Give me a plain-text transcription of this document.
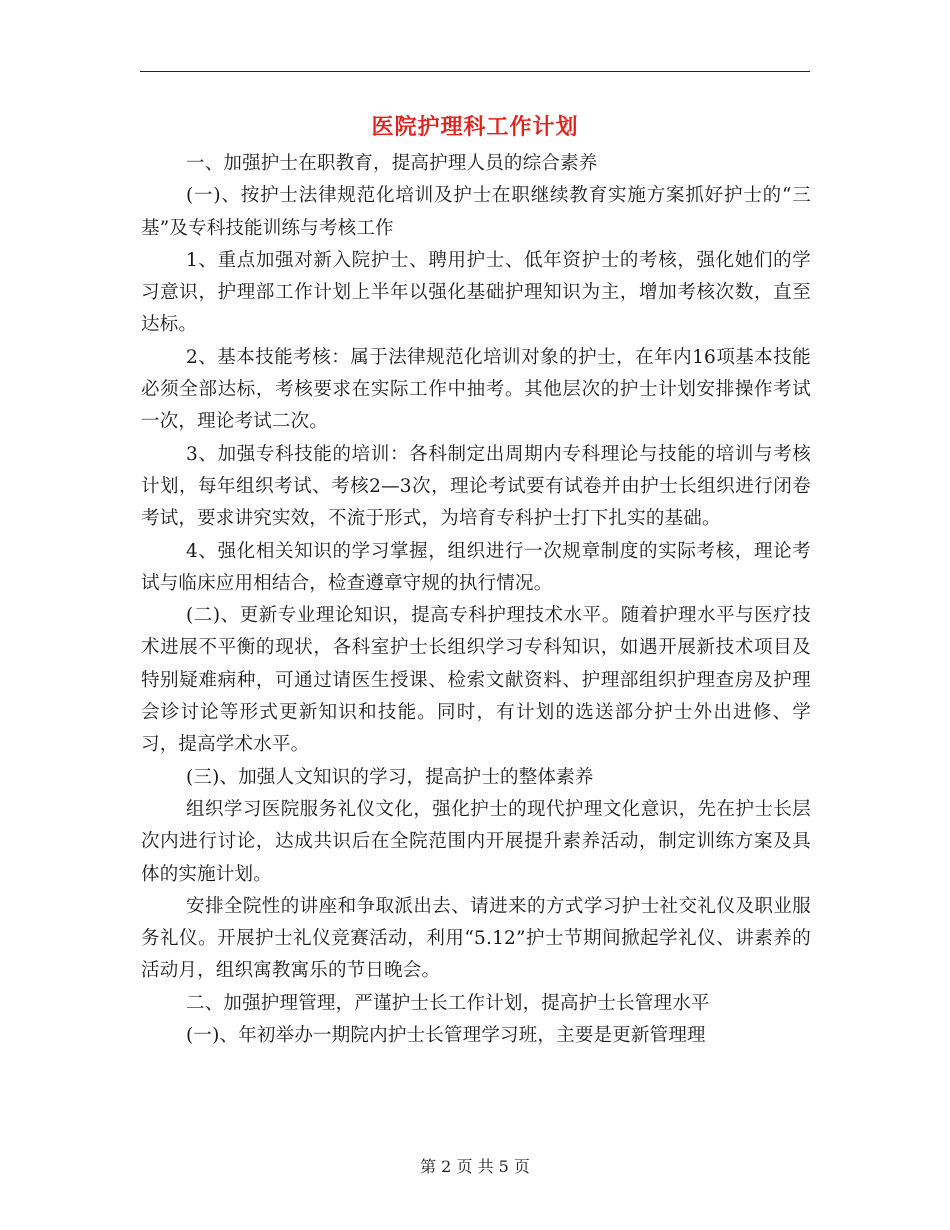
医院护理科工作计划

一、加强护士在职教育，提高护理人员的综合素养

(一)、按护士法律规范化培训及护士在职继续教育实施方案抓好护士的“三基”及专科技能训练与考核工作

1、重点加强对新入院护士、聘用护士、低年资护士的考核，强化她们的学习意识，护理部工作计划上半年以强化基础护理知识为主，增加考核次数，直至达标。

2、基本技能考核：属于法律规范化培训对象的护士，在年内16项基本技能必须全部达标，考核要求在实际工作中抽考。其他层次的护士计划安排操作考试一次，理论考试二次。

3、加强专科技能的培训：各科制定出周期内专科理论与技能的培训与考核计划，每年组织考试、考核2—3次，理论考试要有试卷并由护士长组织进行闭卷考试，要求讲究实效，不流于形式，为培育专科护士打下扎实的基础。

4、强化相关知识的学习掌握，组织进行一次规章制度的实际考核，理论考试与临床应用相结合，检查遵章守规的执行情况。

(二)、更新专业理论知识，提高专科护理技术水平。随着护理水平与医疗技术进展不平衡的现状，各科室护士长组织学习专科知识，如遇开展新技术项目及特别疑难病种，可通过请医生授课、检索文献资料、护理部组织护理查房及护理会诊讨论等形式更新知识和技能。同时，有计划的选送部分护士外出进修、学习，提高学术水平。

(三)、加强人文知识的学习，提高护士的整体素养

组织学习医院服务礼仪文化，强化护士的现代护理文化意识，先在护士长层次内进行讨论，达成共识后在全院范围内开展提升素养活动，制定训练方案及具体的实施计划。

安排全院性的讲座和争取派出去、请进来的方式学习护士社交礼仪及职业服务礼仪。开展护士礼仪竞赛活动，利用“5.12”护士节期间掀起学礼仪、讲素养的活动月，组织寓教寓乐的节日晚会。

二、加强护理管理，严谨护士长工作计划，提高护士长管理水平

(一)、年初举办一期院内护士长管理学习班，主要是更新管理理

第 2 页 共 5 页
